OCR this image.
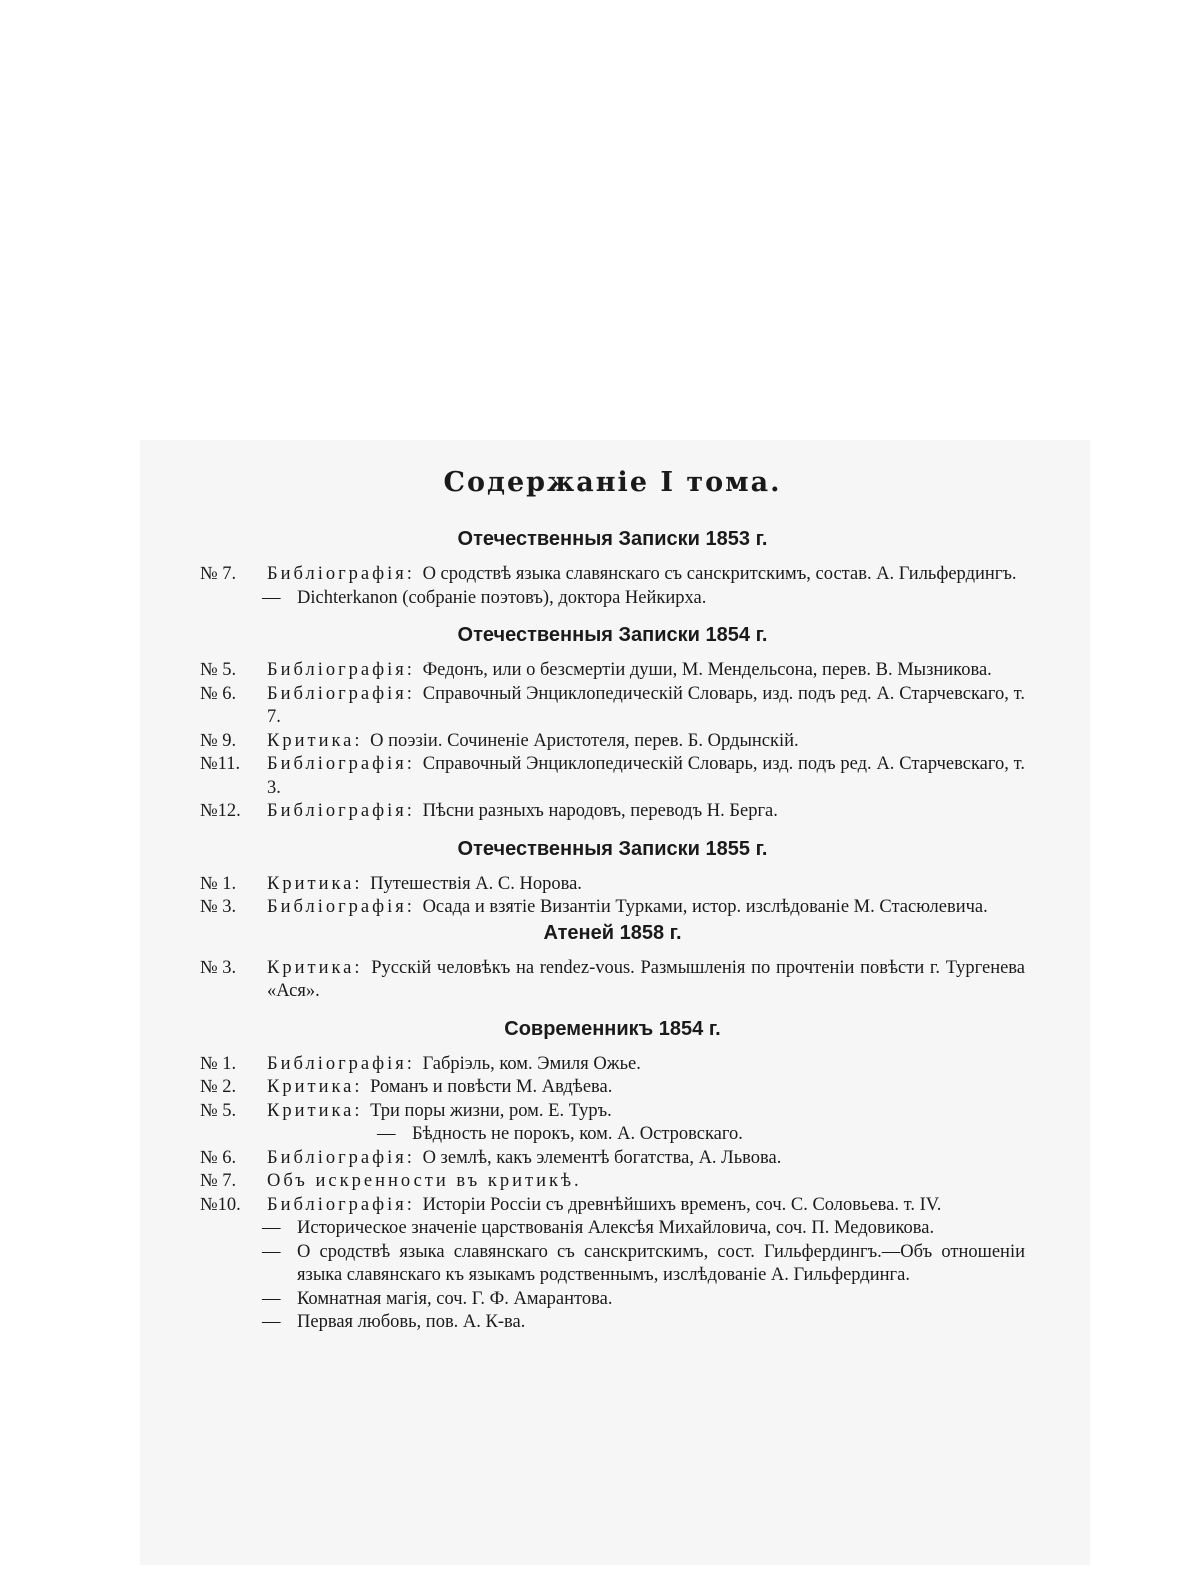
Содержаніе I тома.
Отечественныя Записки 1853 г.
№ 7.	Библіографія: О сродствѣ языка славянскаго съ санскритскимъ, состав. А. Гильфердингъ.
— Dichterkanon (собраніе поэтовъ), доктора Нейкирха.
Отечественныя Записки 1854 г.
№ 5.	Библіографія: Федонъ, или о безсмертіи души, М. Мендельсона, перев. В. Мызникова.
№ 6.	Библіографія: Справочный Энциклопедическій Словарь, изд. подъ ред. А. Старчевскаго, т. 7.
№ 9.	Критика: О поэзіи. Сочиненіе Аристотеля, перев. Б. Ордынскій.
№11.	Библіографія: Справочный Энциклопедическій Словарь, изд. подъ ред. А. Старчевскаго, т. 3.
№12.	Библіографія: Пѣсни разныхъ народовъ, переводъ Н. Берга.
Отечественныя Записки 1855 г.
№ 1.	Критика: Путешествія А. С. Норова.
№ 3.	Библіографія: Осада и взятіе Византіи Турками, истор. изслѣдованіе М. Стасюлевича.
Атеней 1858 г.
№ 3.	Критика: Русскій человѣкъ на rendez-vous. Размышленія по прочтеніи повѣсти г. Тургенева «Ася».
Современникъ 1854 г.
№ 1.	Библіографія: Габріэль, ком. Эмиля Ожье.
№ 2.	Критика: Романъ и повѣсти М. Авдѣева.
№ 5.	Критика: Три поры жизни, ром. Е. Туръ.
— Бѣдность не порокъ, ком. А. Островскаго.
№ 6.	Библіографія: О землѣ, какъ элементѣ богатства, А. Львова.
№ 7.	Объ искренности въ критикѣ.
№10.	Библіографія: Исторіи Россіи съ древнѣйшихъ временъ, соч. С. Соловьева. т. IV.
— Историческое значеніе царствованія Алексѣя Михайловича, соч. П. Медовикова.
— О сродствѣ языка славянскаго съ санскритскимъ, сост. Гильфердингъ.—Объ отношеніи языка славянскаго къ языкамъ родственнымъ, изслѣдованіе А. Гильфердинга.
— Комнатная магія, соч. Г. Ф. Амарантова.
— Первая любовь, пов. А. К-ва.
